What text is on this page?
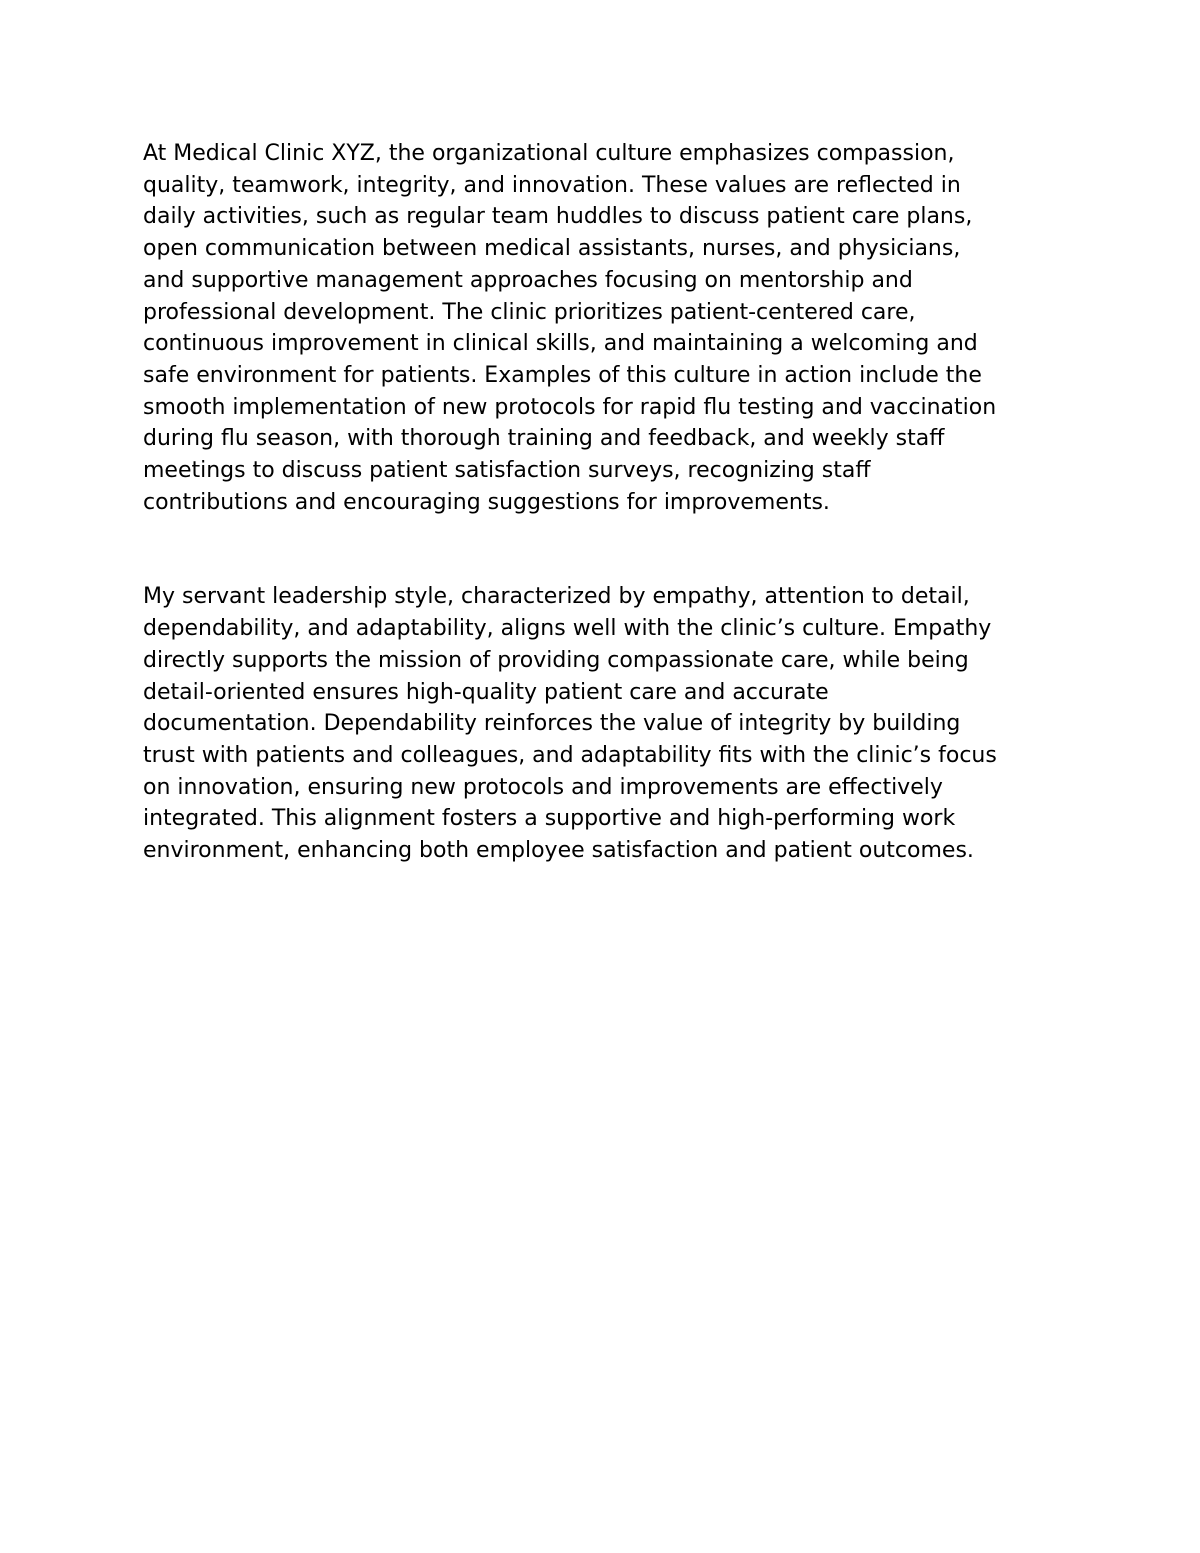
At Medical Clinic XYZ, the organizational culture emphasizes compassion,
quality, teamwork, integrity, and innovation. These values are reflected in
daily activities, such as regular team huddles to discuss patient care plans,
open communication between medical assistants, nurses, and physicians,
and supportive management approaches focusing on mentorship and
professional development. The clinic prioritizes patient-centered care,
continuous improvement in clinical skills, and maintaining a welcoming and
safe environment for patients. Examples of this culture in action include the
smooth implementation of new protocols for rapid flu testing and vaccination
during flu season, with thorough training and feedback, and weekly staff
meetings to discuss patient satisfaction surveys, recognizing staff
contributions and encouraging suggestions for improvements.
My servant leadership style, characterized by empathy, attention to detail,
dependability, and adaptability, aligns well with the clinic’s culture. Empathy
directly supports the mission of providing compassionate care, while being
detail-oriented ensures high-quality patient care and accurate
documentation. Dependability reinforces the value of integrity by building
trust with patients and colleagues, and adaptability fits with the clinic’s focus
on innovation, ensuring new protocols and improvements are effectively
integrated. This alignment fosters a supportive and high-performing work
environment, enhancing both employee satisfaction and patient outcomes.
